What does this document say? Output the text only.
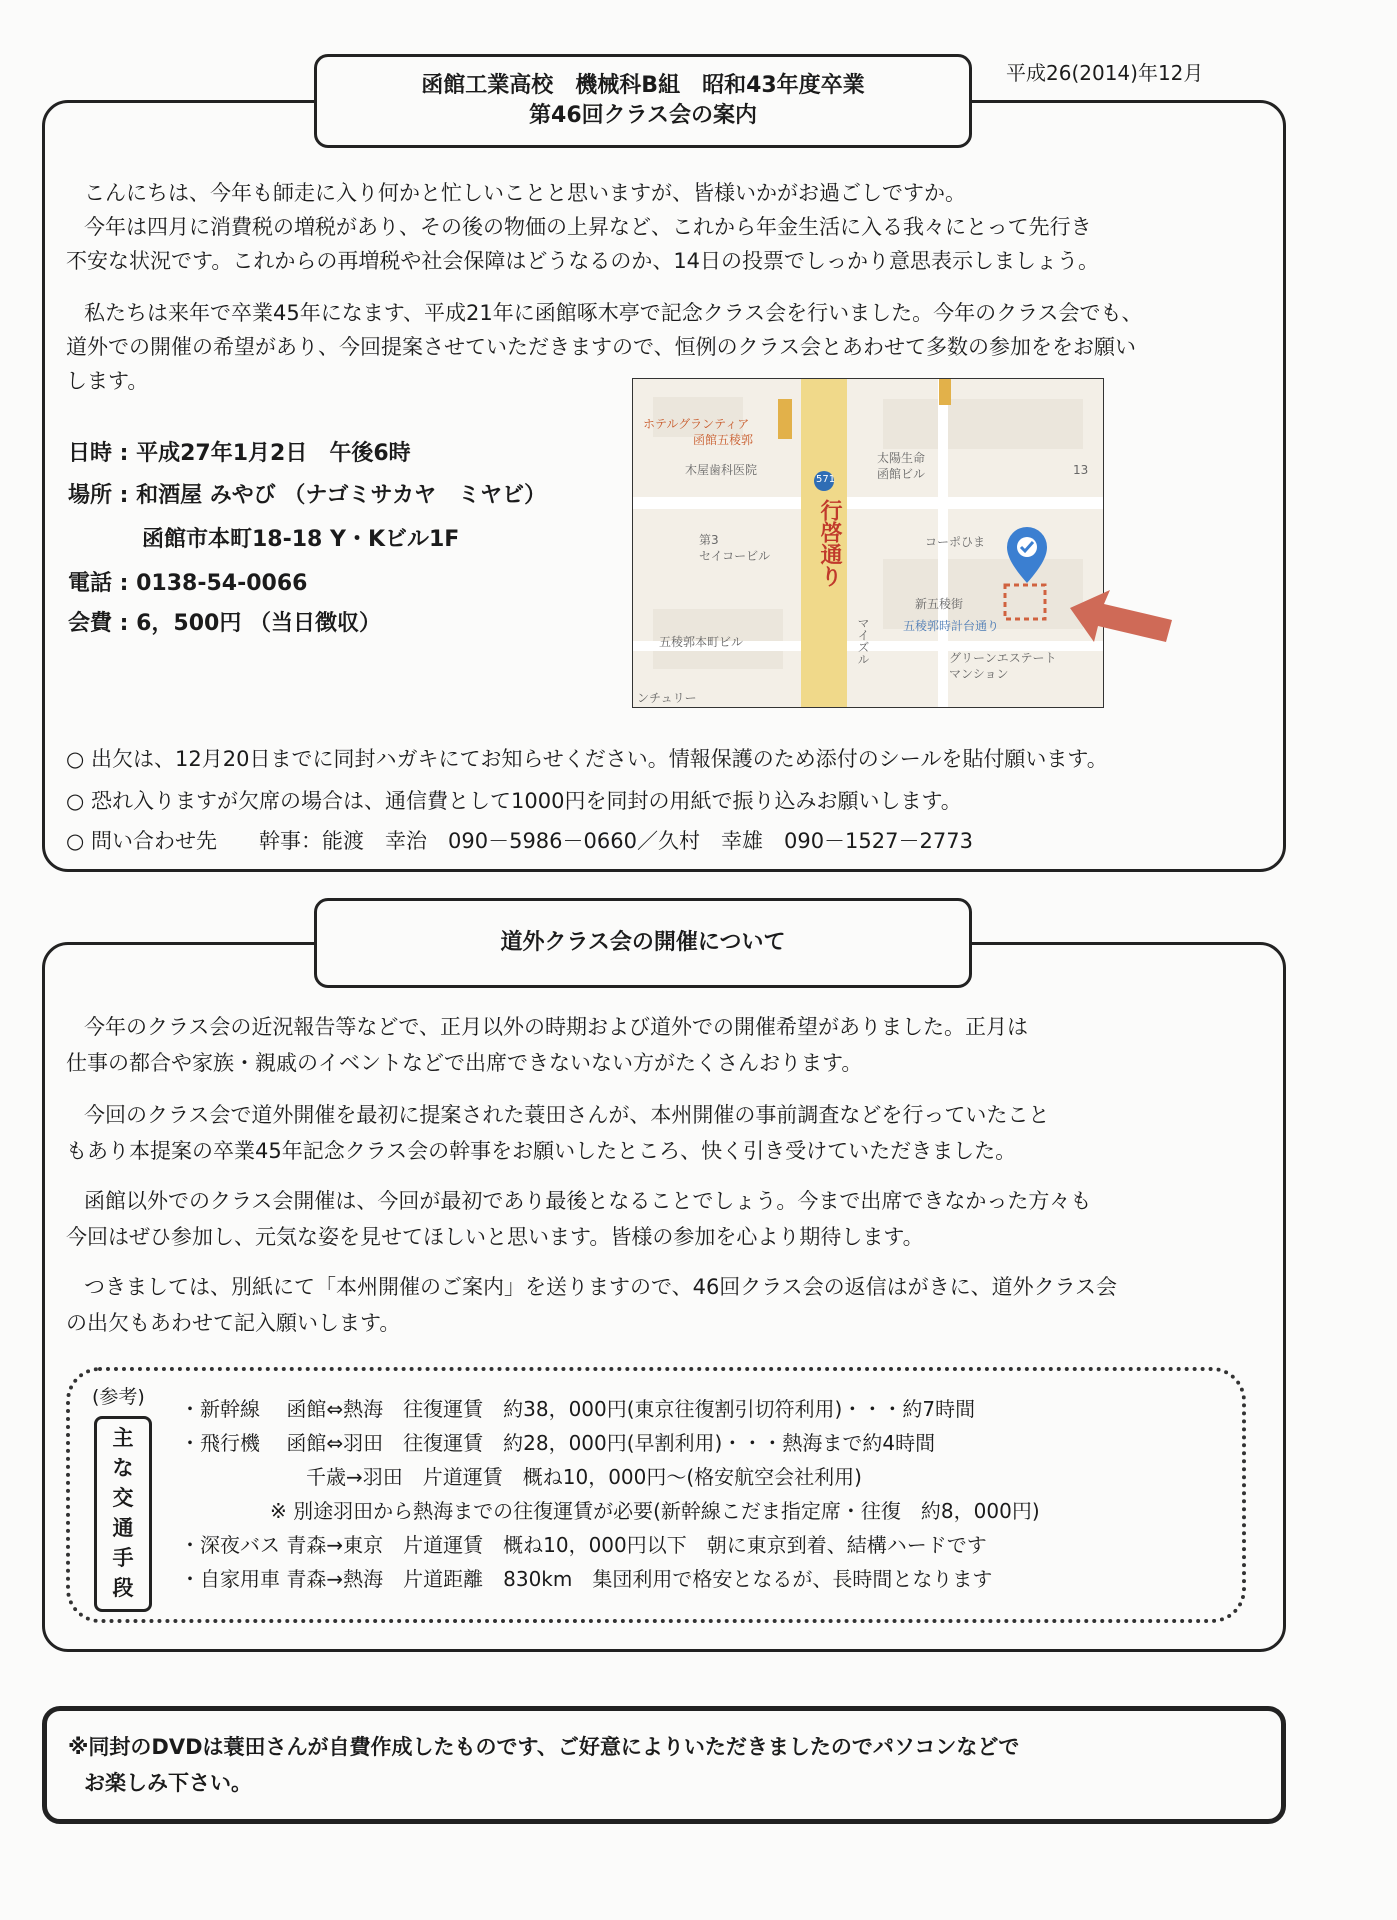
平成26(2014)年12月
函館工業高校　機械科B組　昭和43年度卒業
第46回クラス会の案内
こんにちは、今年も師走に入り何かと忙しいことと思いますが、皆様いかがお過ごしですか。
今年は四月に消費税の増税があり、その後の物価の上昇など、これから年金生活に入る我々にとって先行き
不安な状況です。これからの再増税や社会保障はどうなるのか、14日の投票でしっかり意思表示しましょう。
私たちは来年で卒業45年になます、平成21年に函館啄木亭で記念クラス会を行いました。今年のクラス会でも、
道外での開催の希望があり、今回提案させていただきますので、恒例のクラス会とあわせて多数の参加ををお願い
します。
日時 : 平成27年1月2日　午後6時
場所 : 和酒屋 みやび （ナゴミサカヤ　ミヤビ）
函館市本町18-18 Y・Kビル1F
電話 : 0138-54-0066
会費 : 6，500円 （当日徴収）
ホテルグランティア
函館五稜郭
木屋歯科医院
太陽生命
函館ビル	13
571
行啓通り
第3
セイコービル
コーポひま
新五稜街
五稜郭本町ビル
五稜郭時計台通り
グリーンエステート
マンション
マイズル
ンチュリー
○ 出欠は、12月20日までに同封ハガキにてお知らせください。情報保護のため添付のシールを貼付願います。
○ 恐れ入りますが欠席の場合は、通信費として1000円を同封の用紙で振り込みお願いします。
○ 問い合わせ先　　幹事：能渡　幸治　090－5986－0660／久村　幸雄　090－1527－2773
道外クラス会の開催について
今年のクラス会の近況報告等などで、正月以外の時期および道外での開催希望がありました。正月は
仕事の都合や家族・親戚のイベントなどで出席できないない方がたくさんおります。
今回のクラス会で道外開催を最初に提案された蓑田さんが、本州開催の事前調査などを行っていたこと
もあり本提案の卒業45年記念クラス会の幹事をお願いしたところ、快く引き受けていただきました。
函館以外でのクラス会開催は、今回が最初であり最後となることでしょう。今まで出席できなかった方々も
今回はぜひ参加し、元気な姿を見せてほしいと思います。皆様の参加を心より期待します。
つきましては、別紙にて「本州開催のご案内」を送りますので、46回クラス会の返信はがきに、道外クラス会
の出欠もあわせて記入願いします。
(参考)
主
な
交
通
手
段
・新幹線　 函館⇔熱海　往復運賃　約38，000円(東京往復割引切符利用)・・・約7時間
・飛行機　 函館⇔羽田　往復運賃　約28，000円(早割利用)・・・熱海まで約4時間
千歳→羽田　片道運賃　概ね10，000円～(格安航空会社利用)
※ 別途羽田から熱海までの往復運賃が必要(新幹線こだま指定席・往復　約8，000円)
・深夜バス 青森→東京　片道運賃　概ね10，000円以下　朝に東京到着、結構ハードです
・自家用車 青森→熱海　片道距離　830km　集団利用で格安となるが、長時間となります
※同封のDVDは蓑田さんが自費作成したものです、ご好意によりいただきましたのでパソコンなどで
お楽しみ下さい。
